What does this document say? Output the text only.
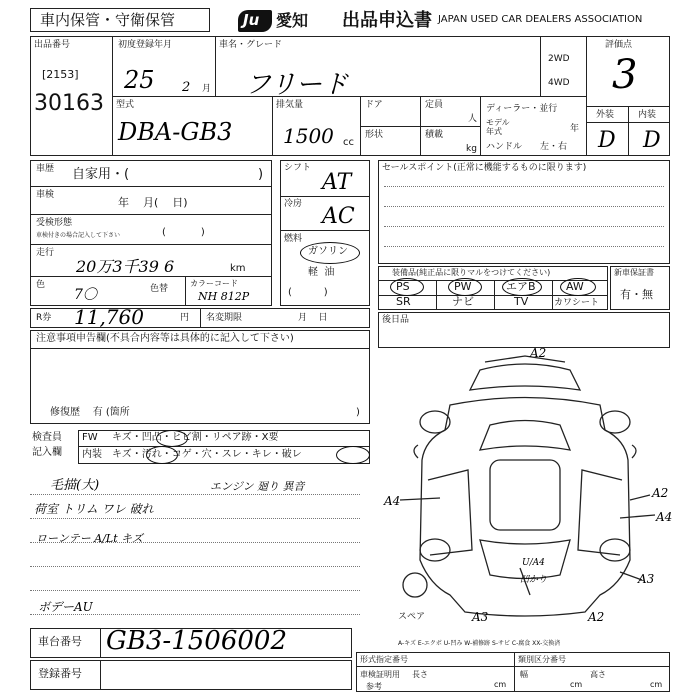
車内保管・守衛保管	Ju 愛知 出品申込書 JAPAN USED CAR DEALERS ASSOCIATION
出品番号
[2153]
30163
初度登録年月
25 2 月
車名・グレード
フリード
2WD
4WD
評価点
3
外装	内装
D D
型式
DBA-GB3
排気量
1500 cc
ドア
形状
定員
人
積載
kg
ディーラー・並行
モデル
年式	年
ハンドル 左・右
車歴 自家用・(	)
車検
年    月(    日)
受検形態
車検付きの場合記入して下さい	(           )
走行
20万3千39 6	km
色
7〇	色替
カラーコード
NH 812P
R券 11,760	円 名変期限	月    日
シフト
AT
冷房 AC
燃料
ガソリン
軽  油
(          )
セールスポイント(正常に機能するものに限ります)
装備品(純正品に限りマルをつけてください)
PS	PW	エアB	AW
SR	ナビ	TV	カワシート
新車保証書
有・無
後日品
注意事項申告欄(不具合内容等は具体的に記入して下さい)
修復歴    有 (箇所	)
検査員
記入欄
FW キズ・凹凸・ヒビ割・リペア跡・X要
内装 キズ・汚れ・コゲ・穴・スレ・キレ・破レ
毛描(大)	エンジン 廻り 異音
荷室 トリム ワレ 破れ
ローンテー A/Lt キズ
ボデーAU
A2
A4
A2
A4
A3
A3	A2
U/A4
凹かり
スペア
車台番号 GB3-1506002
登録番号
A-キズ E-エクボ U-凹み W-補修跡 S-サビ C-腐食 XX-交換済
形式指定番号	類別区分番号
車検証明用
参考
長さ
cm
幅
cm
高さ
cm
